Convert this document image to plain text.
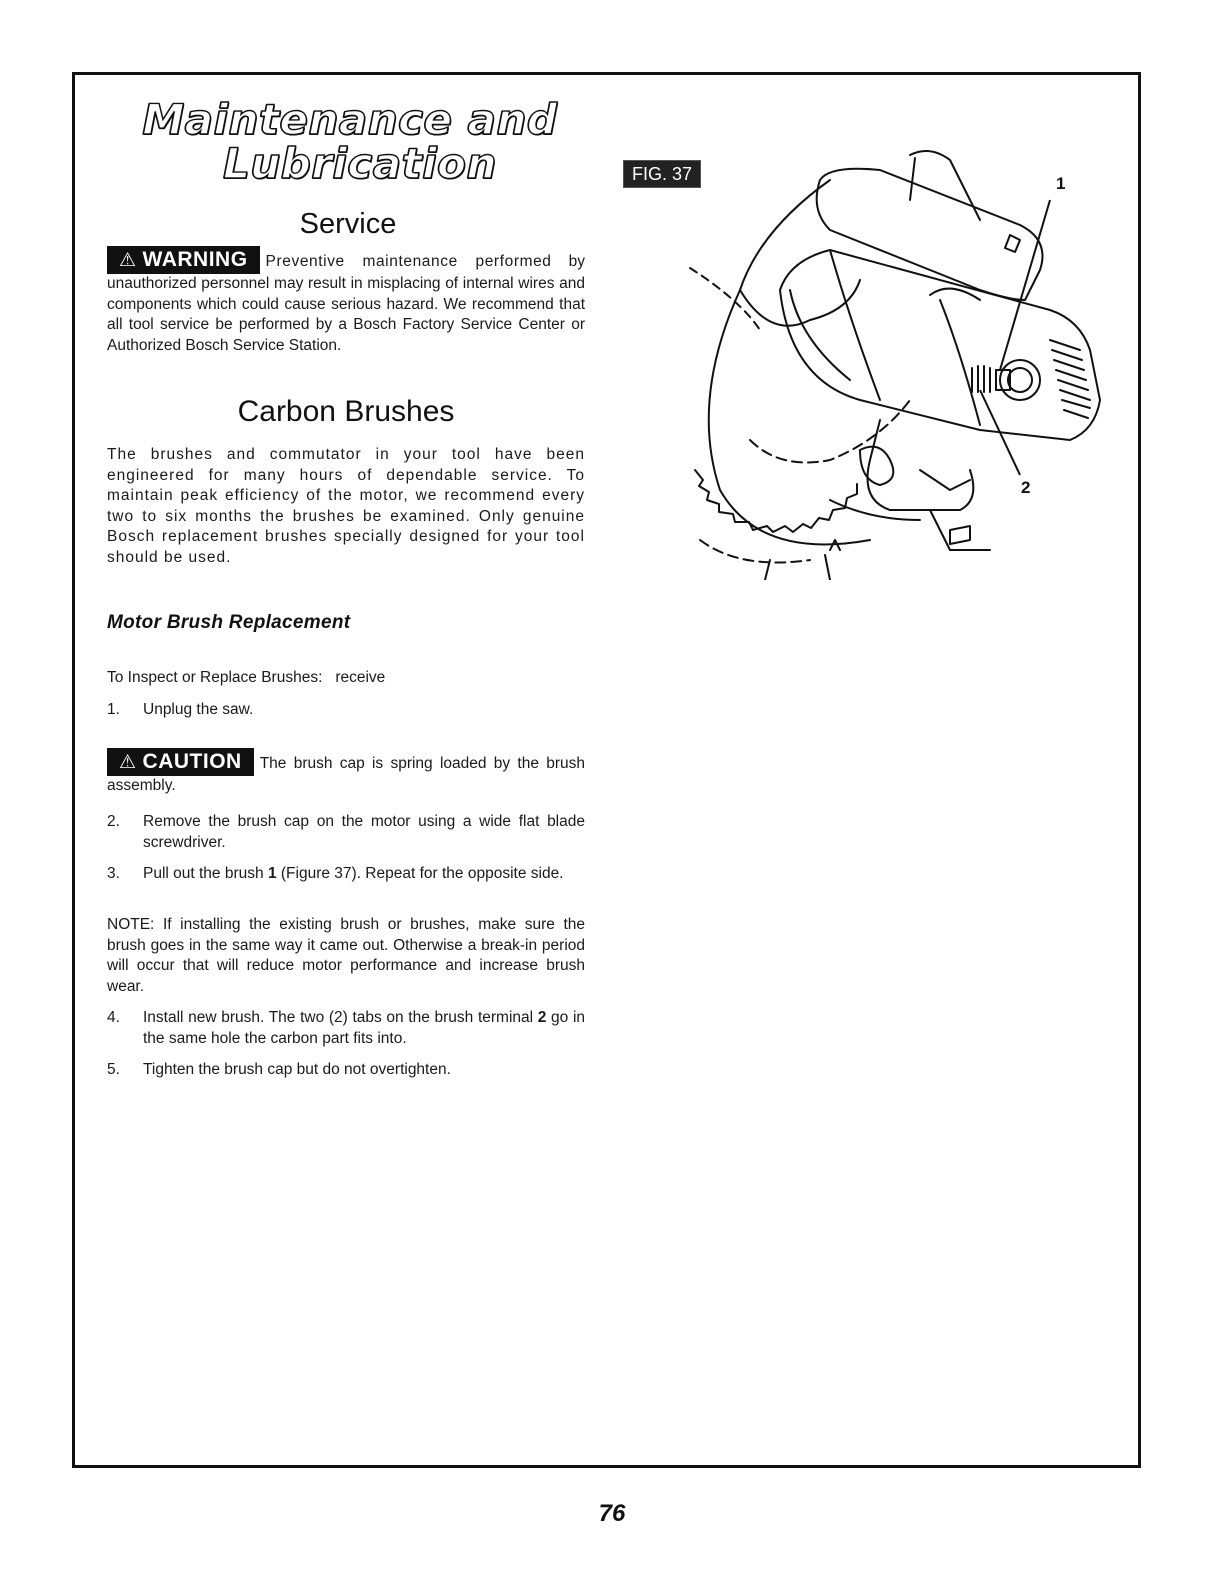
Maintenance and
Lubrication
Service

⚠ WARNING Preventive maintenance performed by unauthorized personnel may result in misplacing of internal wires and components which could cause serious hazard. We recommend that all tool service be performed by a Bosch Factory Service Center or Authorized Bosch Service Station.

Carbon Brushes

The brushes and commutator in your tool have been engineered for many hours of dependable service. To maintain peak efficiency of the motor, we recommend every two to six months the brushes be examined. Only genuine Bosch replacement brushes specially designed for your tool should be used.

Motor Brush Replacement

To Inspect or Replace Brushes: receive

1. Unplug the saw.

⚠ CAUTION The brush cap is spring loaded by the brush assembly.

2. Remove the brush cap on the motor using a wide flat blade screwdriver.
3. Pull out the brush 1 (Figure 37). Repeat for the opposite side.

NOTE: If installing the existing brush or brushes, make sure the brush goes in the same way it came out. Otherwise a break-in period will occur that will reduce motor performance and increase brush wear.

4. Install new brush. The two (2) tabs on the brush terminal 2 go in the same hole the carbon part fits into.
5. Tighten the brush cap but do not overtighten.
FIG. 37	1
2
76
